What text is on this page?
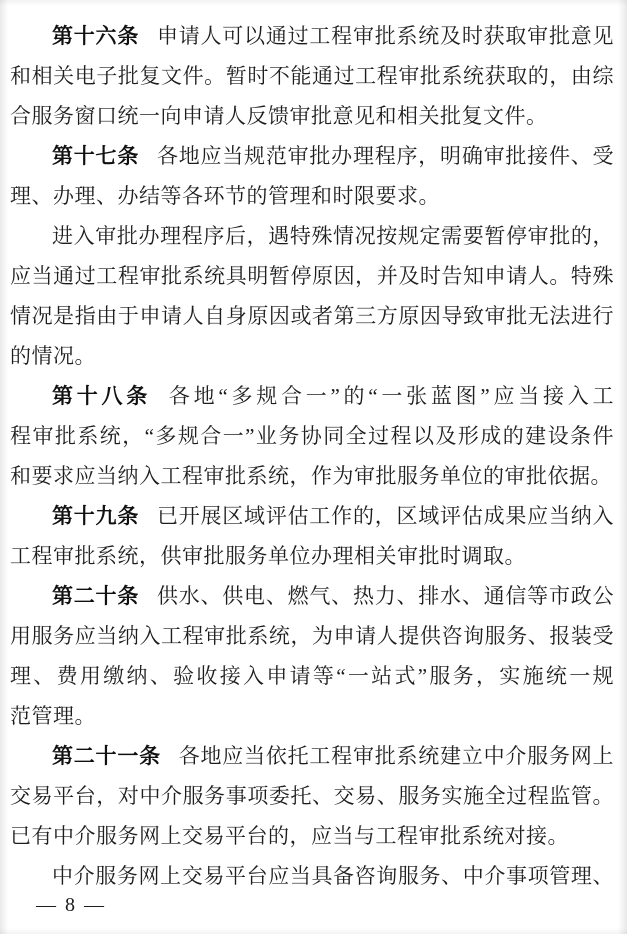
第十六条 申请人可以通过工程审批系统及时获取审批意见
和相关电子批复文件。暂时不能通过工程审批系统获取的，由综
合服务窗口统一向申请人反馈审批意见和相关批复文件。
第十七条 各地应当规范审批办理程序，明确审批接件、受
理、办理、办结等各环节的管理和时限要求。
进入审批办理程序后，遇特殊情况按规定需要暂停审批的，
应当通过工程审批系统具明暂停原因，并及时告知申请人。特殊
情况是指由于申请人自身原因或者第三方原因导致审批无法进行
的情况。
第十八条 各地“多规合一”的“一张蓝图”应当接入工
程审批系统，“多规合一”业务协同全过程以及形成的建设条件
和要求应当纳入工程审批系统，作为审批服务单位的审批依据。
第十九条 已开展区域评估工作的，区域评估成果应当纳入
工程审批系统，供审批服务单位办理相关审批时调取。
第二十条 供水、供电、燃气、热力、排水、通信等市政公
用服务应当纳入工程审批系统，为申请人提供咨询服务、报装受
理、费用缴纳、验收接入申请等“一站式”服务，实施统一规
范管理。
第二十一条 各地应当依托工程审批系统建立中介服务网上
交易平台，对中介服务事项委托、交易、服务实施全过程监管。
已有中介服务网上交易平台的，应当与工程审批系统对接。
中介服务网上交易平台应当具备咨询服务、中介事项管理、
— 8 —
